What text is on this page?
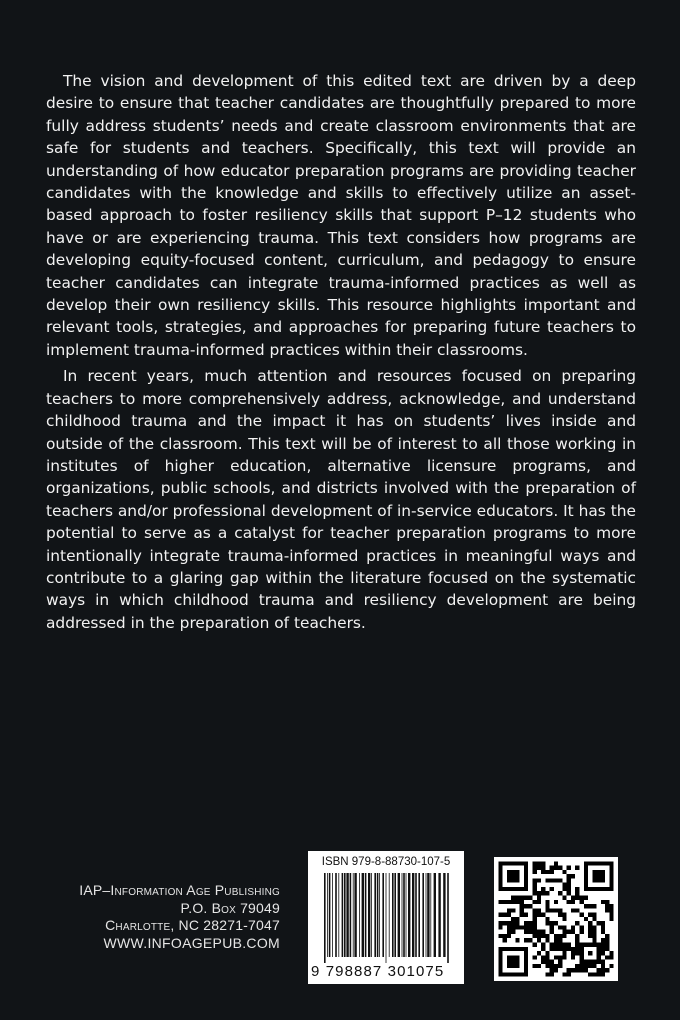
The vision and development of this edited text are driven by a deep desire to ensure that teacher candidates are thoughtfully prepared to more fully address students’ needs and create classroom environments that are safe for students and teachers. Specifically, this text will provide an understanding of how educator preparation programs are providing teacher candidates with the knowledge and skills to effectively utilize an asset-based approach to foster resiliency skills that support P–12 students who have or are experiencing trauma. This text considers how programs are developing equity-focused content, curriculum, and pedagogy to ensure teacher candidates can integrate trauma-informed practices as well as develop their own resiliency skills. This resource highlights important and relevant tools, strategies, and approaches for preparing future teachers to implement trauma-informed practices within their classrooms.

In recent years, much attention and resources focused on preparing teachers to more comprehensively address, acknowledge, and understand childhood trauma and the impact it has on students’ lives inside and outside of the classroom. This text will be of interest to all those working in institutes of higher education, alternative licensure programs, and organizations, public schools, and districts involved with the preparation of teachers and/or professional development of in-service educators. It has the potential to serve as a catalyst for teacher preparation programs to more intentionally integrate trauma-informed practices in meaningful ways and contribute to a glaring gap within the literature focused on the systematic ways in which childhood trauma and resiliency development are being addressed in the preparation of teachers.

IAP–Information Age Publishing
P.O. Box 79049
Charlotte, NC 28271-7047
WWW.INFOAGEPUB.COM
ISBN 979-8-88730-107-5
9 798887 301075
